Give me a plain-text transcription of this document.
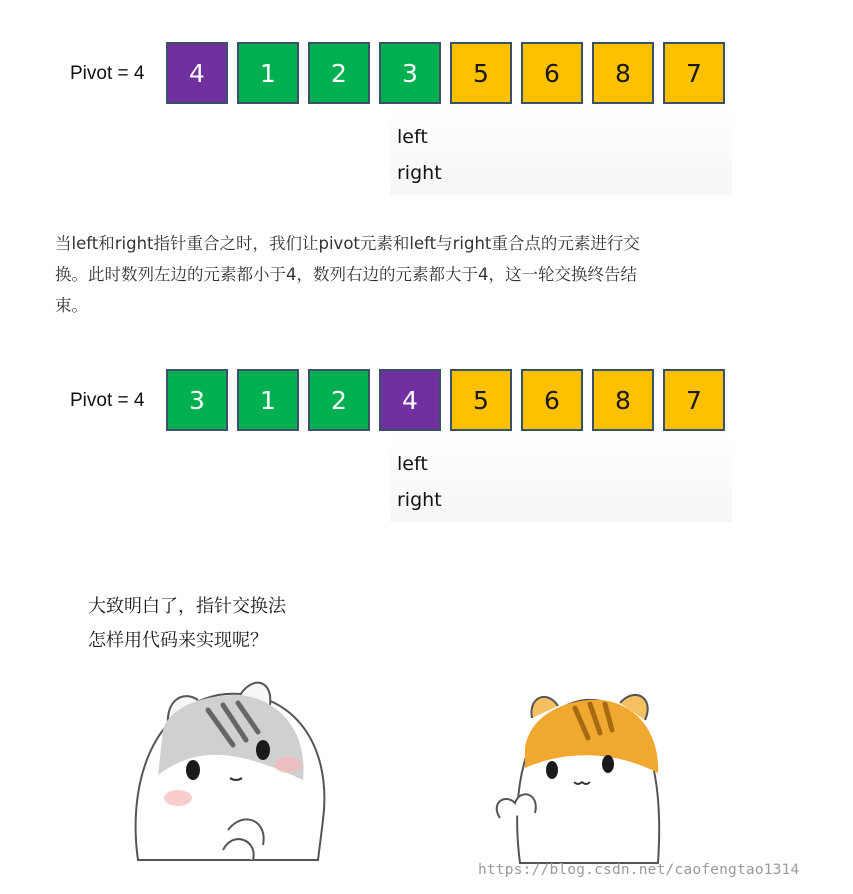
Pivot = 4	4	1	2	3	5	6	8	7
left
right
当left和right指针重合之时，我们让pivot元素和left与right重合点的元素进行交
换。此时数列左边的元素都小于4，数列右边的元素都大于4，这一轮交换终告结
束。
Pivot = 4	3	1	2	4	5	6	8	7
left
right
大致明白了，指针交换法
怎样用代码来实现呢？
https://blog.csdn.net/caofengtao1314
